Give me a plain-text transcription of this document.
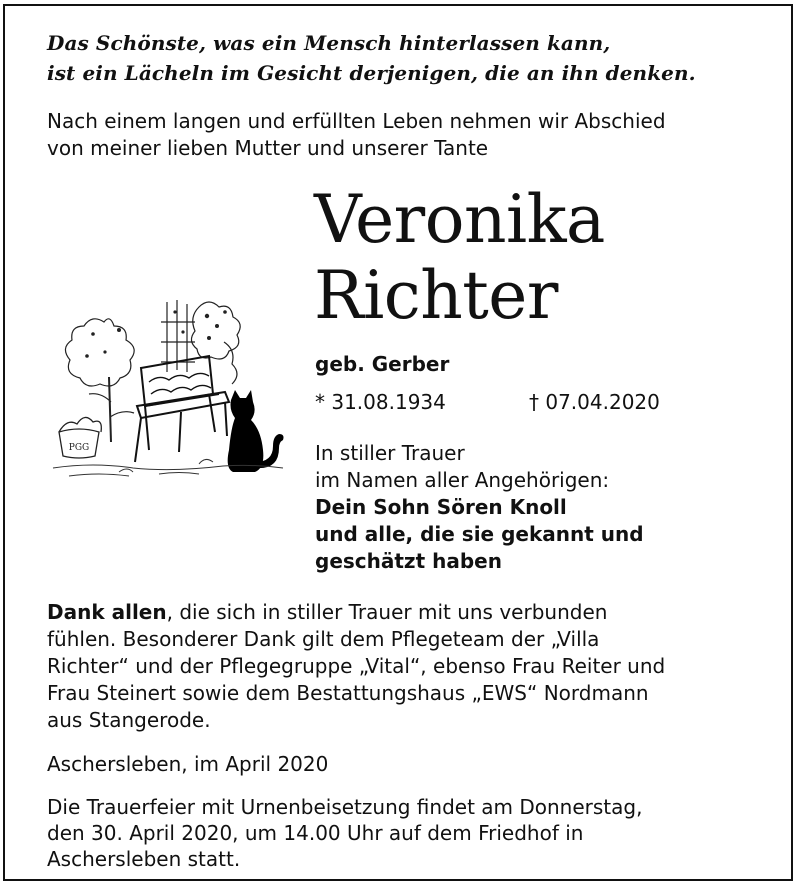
Das Schönste, was ein Mensch hinterlassen kann,
ist ein Lächeln im Gesicht derjenigen, die an ihn denken.
Nach einem langen und erfüllten Leben nehmen wir Abschied
von meiner lieben Mutter und unserer Tante
Veronika
Richter
geb. Gerber
* 31.08.1934	† 07.04.2020
In stiller Trauer
im Namen aller Angehörigen:
Dein Sohn Sören Knoll
und alle, die sie gekannt und
geschätzt haben
PGG
Dank allen, die sich in stiller Trauer mit uns verbunden
fühlen. Besonderer Dank gilt dem Pflegeteam der „Villa
Richter“ und der Pflegegruppe „Vital“, ebenso Frau Reiter und
Frau Steinert sowie dem Bestattungshaus „EWS“ Nordmann
aus Stangerode.
Aschersleben, im April 2020
Die Trauerfeier mit Urnenbeisetzung findet am Donnerstag,
den 30. April 2020, um 14.00 Uhr auf dem Friedhof in
Aschersleben statt.
